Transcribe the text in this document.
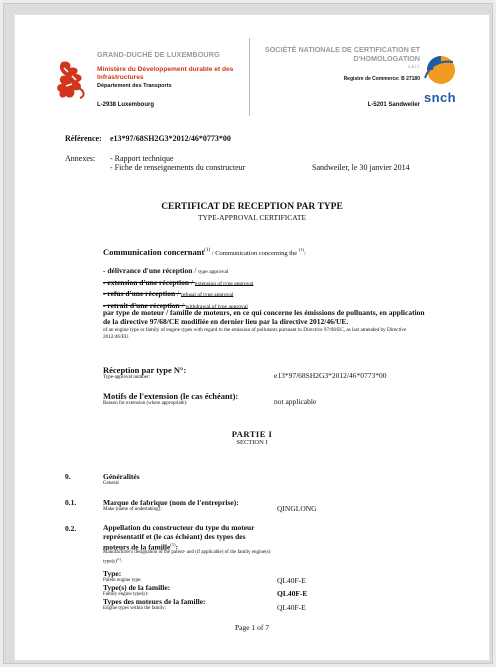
GRAND-DUCHÉ DE LUXEMBOURG
Ministère du Développement durable et des Infrastructures
Département des Transports
L-2938 Luxembourg
SOCIÉTÉ NATIONALE DE CERTIFICATION ET D'HOMOLOGATION
s.à r.l.
Registre de Commerce: B 27180
L-5201 Sandweiler snch
Référence: e13*97/68SH2G3*2012/46*0773*00
Annexes: - Rapport technique
- Fiche de renseignements du constructeur	Sandweiler, le 30 janvier 2014
CERTIFICAT DE RECEPTION PAR TYPE
TYPE-APPROVAL CERTIFICATE
Communication concernant$^{(1)}$ / Communication concerning the $^{(1)}$:
- délivrance d'une réception / type approval
- extension d'une réception / extension of type approval
- refus d'une réception / refusal of type approval
- retrait d'une réception / withdrawal of type approval
par type de moteur / famille de moteurs, en ce qui concerne les émissions de polluants, en application de la directive 97/68/CE modifiée en dernier lieu par la directive 2012/46/UE.
of an engine type or family of engine types with regard to the emission of pollutants pursuant to Directive 97/68/EC, as last amended by Directive 2012/46/EU.
Réception par type N°:
Type-approval number:	e13*97/68SH2G3*2012/46*0773*00
Motifs de l'extension (le cas échéant):
Reason for extension (where appropriate):	not applicable
PARTIE I
SECTION I
0.	Généralités
General
0.1.	Marque de fabrique (nom de l'entreprise):
Make (name of undertaking):	QINGLONG
0.2.	Appellation du constructeur du type du moteur représentatif et (le cas échéant) des types des moteurs de la famille$^{(1)}$:
Manufacturer's designation of the parent- and (if applicable) of the family engine(s) $type(s)^{(1)}$:
Type:
Parent engine type:	QL40F-E
Type(s) de la famille:
Family engine type(s):	QL40F-E
Types des moteurs de la famille:
Engine types within the family:	QL40F-E
Page 1 of 7
